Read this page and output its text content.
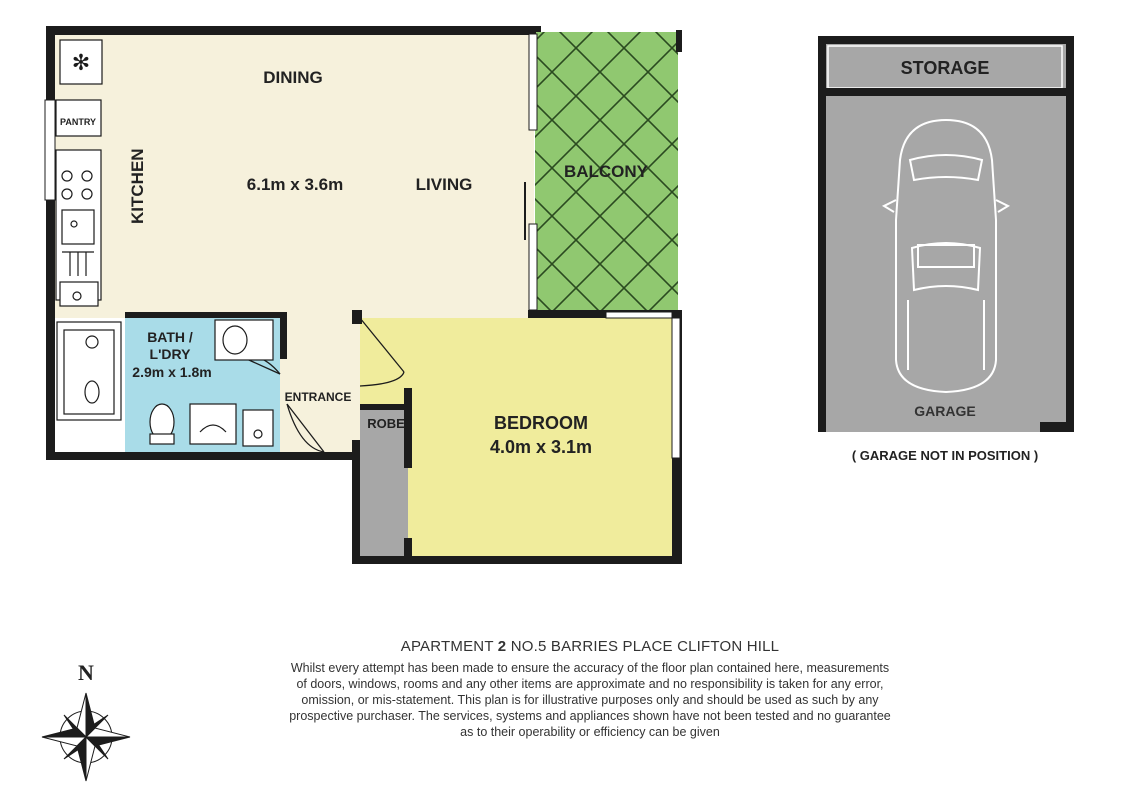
✻
DINING
KITCHEN	6.1m x 3.6m	LIVING
BALCONY
PANTRY
BATH /
L'DRY
2.9m x 1.8m
ENTRANCE
ROBE	BEDROOM
4.0m x 3.1m
STORAGE
GARAGE
( GARAGE NOT IN POSITION )
N
APARTMENT 2 NO.5 BARRIES PLACE CLIFTON HILL
Whilst every attempt has been made to ensure the accuracy of the floor plan contained here, measurements
of doors, windows, rooms and any other items are approximate and no responsibility is taken for any error,
omission, or mis-statement. This plan is for illustrative purposes only and should be used as such by any
prospective purchaser. The services, systems and appliances shown have not been tested and no guarantee
as to their operability or efficiency can be given
